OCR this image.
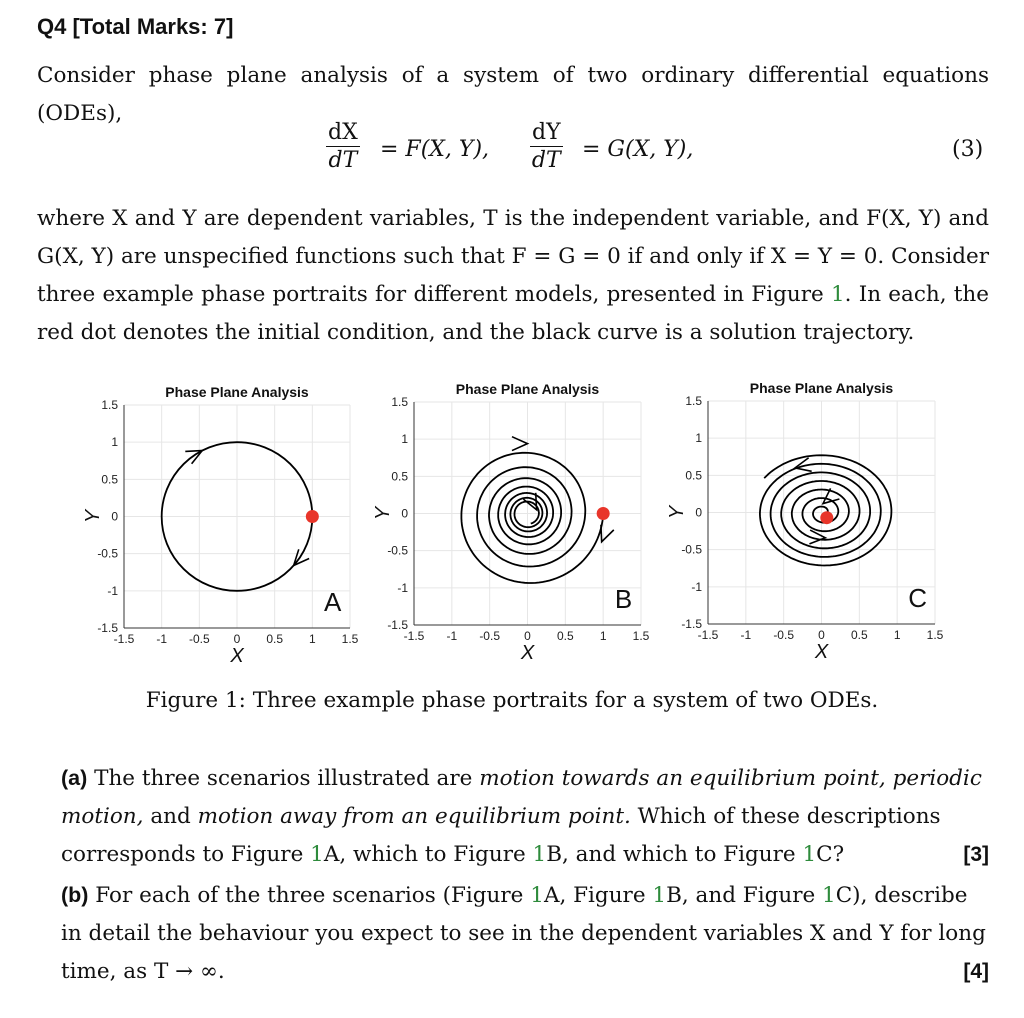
Q4 [Total Marks: 7]
Consider phase plane analysis of a system of two ordinary differential equations (ODEs),
$\frac{dX}{dT} = F(X$, Y), $\frac{dY}{dT} = G(X$, Y),	(3)
where X and Y are dependent variables, T is the independent variable, and F(X, Y) and G(X, Y) are unspecified functions such that F = G = 0 if and only if X = Y = 0. Consider three example phase portraits for different models, presented in Figure 1. In each, the red dot denotes the initial condition, and the black curve is a solution trajectory.
-1.5
-1.5
-1
-1
-0.5
-0.5
0
0
0.5
0.5
1
1
1.5
1.5
Phase Plane Analysis
X
Y
A
-1.5
-1.5
-1
-1
-0.5
-0.5
0
0
0.5
0.5
1
1
1.5
1.5
Phase Plane Analysis
X
Y
B
-1.5
-1.5
-1
-1
-0.5
-0.5
0
0
0.5
0.5
1
1
1.5
1.5
Phase Plane Analysis
X
Y
C
Figure 1: Three example phase portraits for a system of two ODEs.
(a) The three scenarios illustrated are motion towards an equilibrium point, periodic motion, and motion away from an equilibrium point. Which of these descriptions corresponds to Figure 1A, which to Figure 1B, and which to Figure 1C?	[3]
(b) For each of the three scenarios (Figure 1A, Figure 1B, and Figure 1C), describe in detail the behaviour you expect to see in the dependent variables X and Y for long time, as T → ∞.	[4]
